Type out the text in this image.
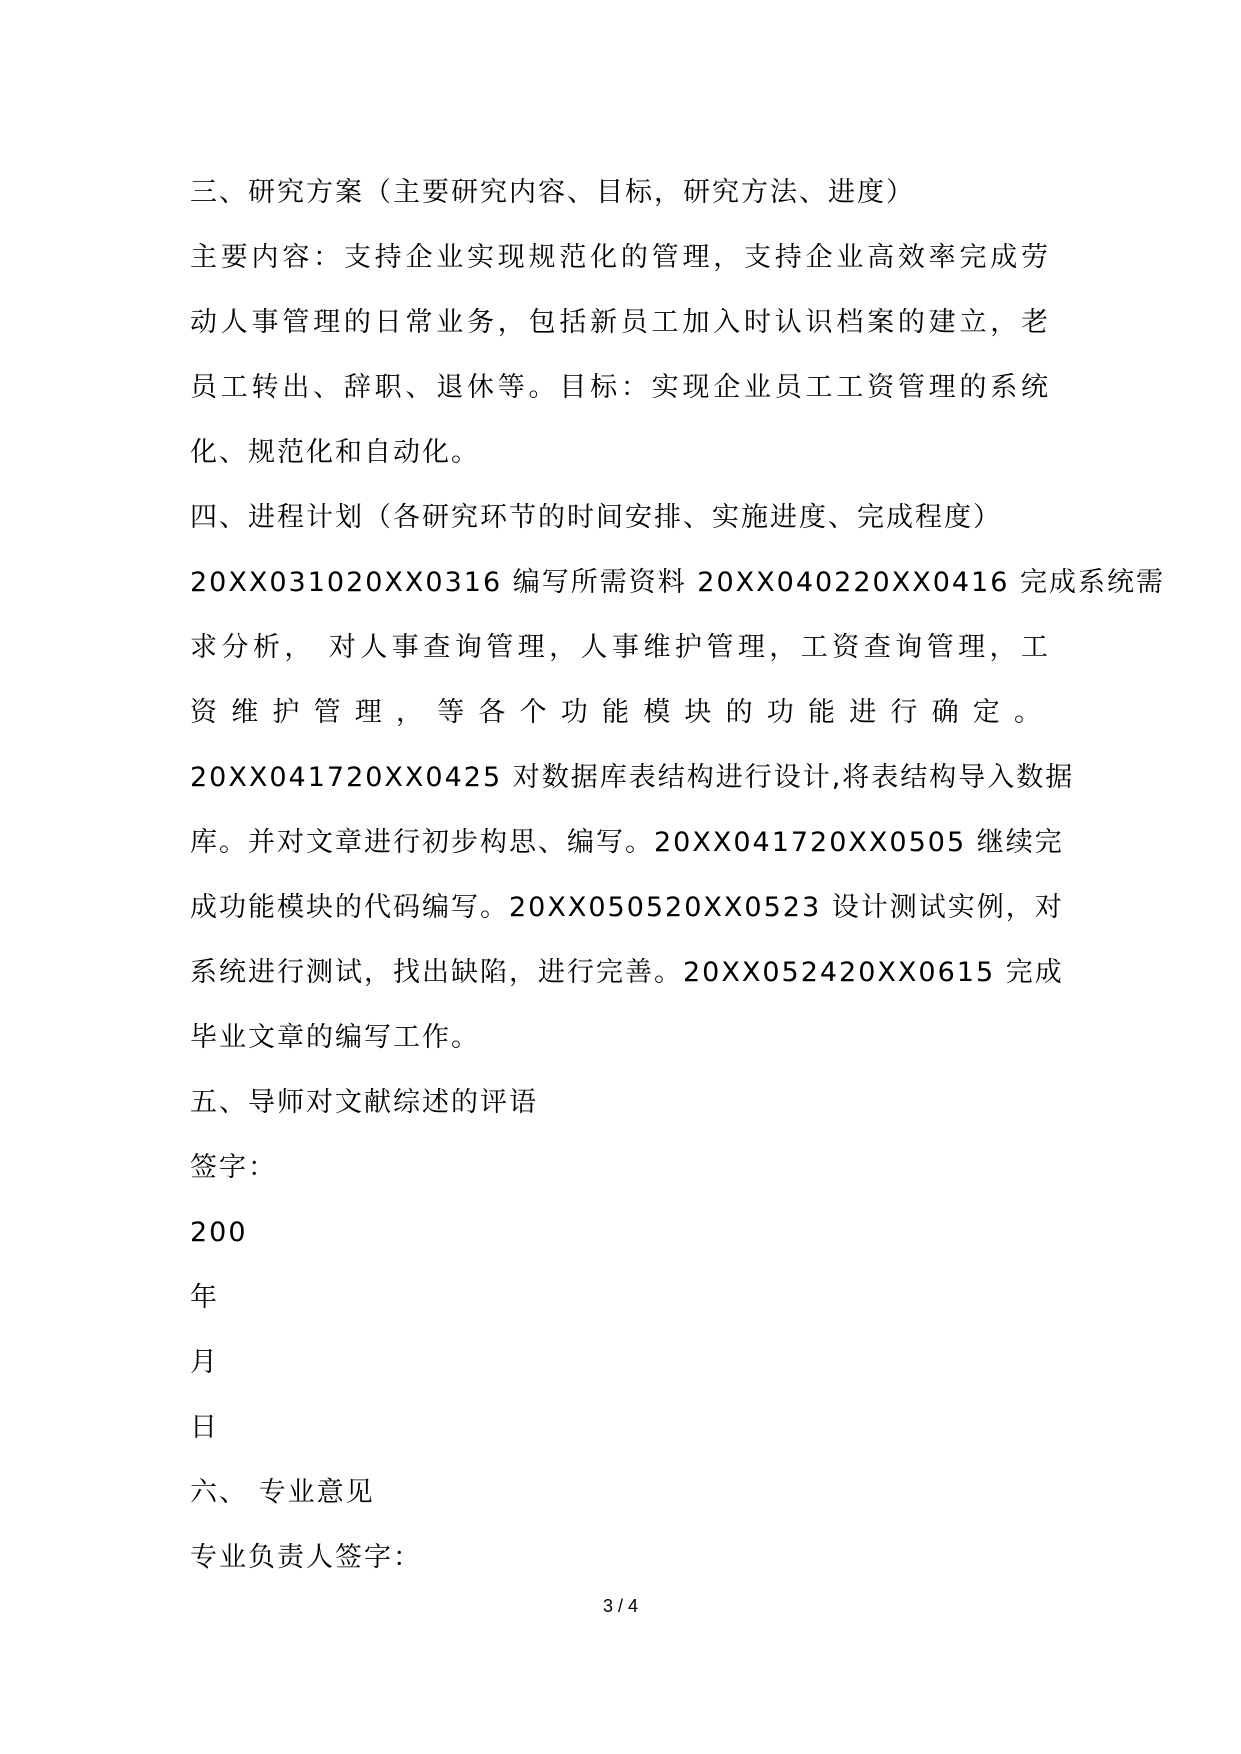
三、研究方案（主要研究内容、目标，研究方法、进度）
主要内容：支持企业实现规范化的管理，支持企业高效率完成劳
动人事管理的日常业务，包括新员工加入时认识档案的建立，老
员工转出、辞职、退休等。目标：实现企业员工工资管理的系统
化、规范化和自动化。
四、进程计划（各研究环节的时间安排、实施进度、完成程度）
20XX031020XX0316 编写所需资料 20XX040220XX0416 完成系统需
求分析， 对人事查询管理，人事维护管理，工资查询管理，工
资维护管理，等各个功能模块的功能进行确定。
20XX041720XX0425 对数据库表结构进行设计,将表结构导入数据
库。并对文章进行初步构思、编写。20XX041720XX0505 继续完
成功能模块的代码编写。20XX050520XX0523 设计测试实例，对
系统进行测试，找出缺陷，进行完善。20XX052420XX0615 完成
毕业文章的编写工作。
五、导师对文献综述的评语
签字：
200
年
月
日
六、 专业意见
专业负责人签字：
3 / 4
